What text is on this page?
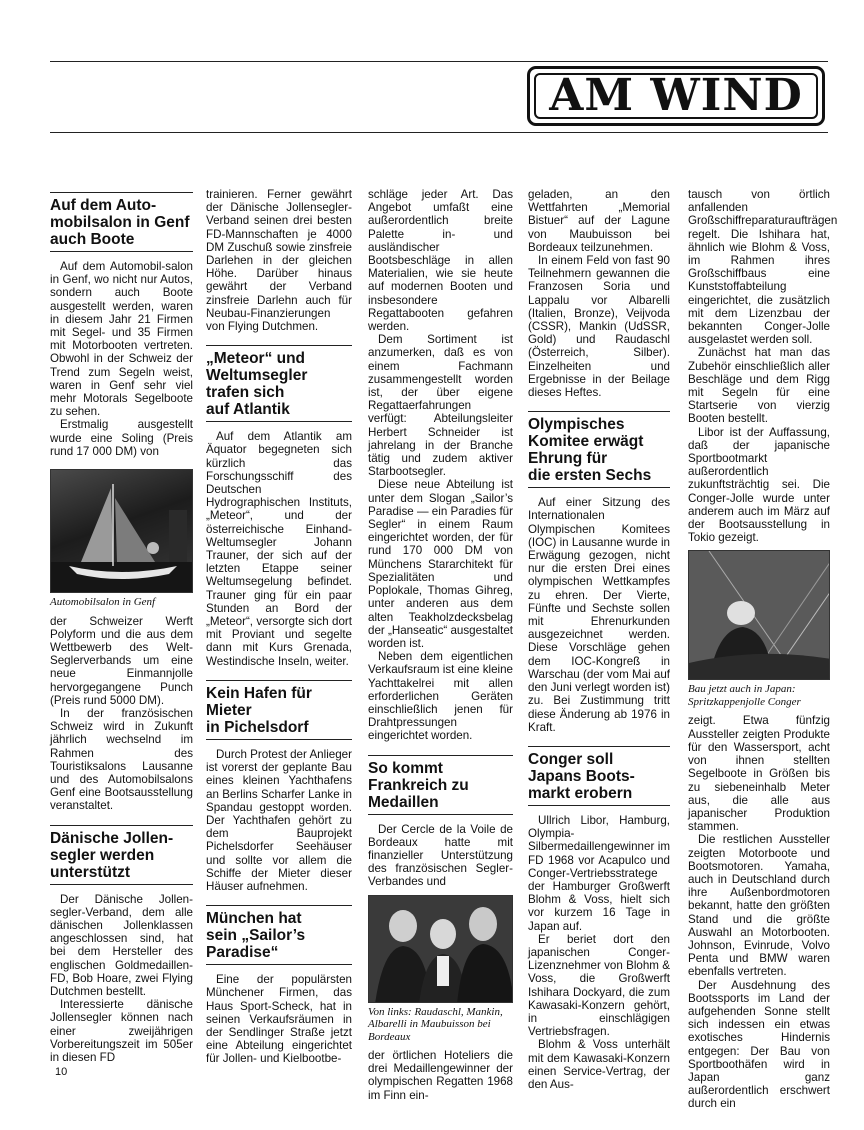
AM WIND
Auf dem Auto-
mobilsalon in Genf
auch Boote

Auf dem Automobil-salon in Genf, wo nicht nur Autos, sondern auch Boote ausgestellt werden, waren in diesem Jahr 21 Firmen mit Segel- und 35 Firmen mit Motorbooten vertreten. Obwohl in der Schweiz der Trend zum Segeln weist, waren in Genf sehr viel mehr Motorals Segelboote zu sehen.

Erstmalig ausgestellt wurde eine Soling (Preis rund 17 000 DM) von

Automobilsalon in Genf

der Schweizer Werft Polyform und die aus dem Wettbewerb des Welt-Seglerverbands um eine neue Einmannjolle hervorgegangene Punch (Preis rund 5000 DM).

In der französischen Schweiz wird in Zukunft jährlich wechselnd im Rahmen des Touristiksalons Lausanne und des Automobilsalons Genf eine Bootsausstellung veranstaltet.

Dänische Jollen-
segler werden
unterstützt

Der Dänische Jollen-segler-Verband, dem alle dänischen Jollenklassen angeschlossen sind, hat bei dem Hersteller des englischen Goldmedaillen-FD, Bob Hoare, zwei Flying Dutchmen bestellt.

Interessierte dänische Jollensegler können nach einer zweijährigen Vorbereitungszeit im 505er in diesen FD

trainieren. Ferner gewährt der Dänische Jollensegler-Verband seinen drei besten FD-Mannschaften je 4000 DM Zuschuß sowie zinsfreie Darlehen in der gleichen Höhe. Darüber hinaus gewährt der Verband zinsfreie Darlehn auch für Neubau-Finanzierungen von Flying Dutchmen.

„Meteor“ und
Weltumsegler
trafen sich
auf Atlantik

Auf dem Atlantik am Äquator begegneten sich kürzlich das Forschungsschiff des Deutschen Hydrographischen Instituts, „Meteor“, und der österreichische Einhand-Weltumsegler Johann Trauner, der sich auf der letzten Etappe seiner Weltumsegelung befindet. Trauner ging für ein paar Stunden an Bord der „Meteor“, versorgte sich dort mit Proviant und segelte dann mit Kurs Grenada, Westindische Inseln, weiter.

Kein Hafen für
Mieter
in Pichelsdorf

Durch Protest der Anlieger ist vorerst der geplante Bau eines kleinen Yachthafens an Berlins Scharfer Lanke in Spandau gestoppt worden. Der Yachthafen gehört zu dem Bauprojekt Pichelsdorfer Seehäuser und sollte vor allem die Schiffe der Mieter dieser Häuser aufnehmen.

München hat
sein „Sailor’s
Paradise“

Eine der populärsten Münchener Firmen, das Haus Sport-Scheck, hat in seinen Verkaufsräumen in der Sendlinger Straße jetzt eine Abteilung eingerichtet für Jollen- und Kielbootbe-

schläge jeder Art. Das Angebot umfaßt eine außerordentlich breite Palette in- und ausländischer Bootsbeschläge in allen Materialien, wie sie heute auf modernen Booten und insbesondere Regattabooten gefahren werden.

Dem Sortiment ist anzumerken, daß es von einem Fachmann zusammengestellt worden ist, der über eigene Regattaerfahrungen verfügt: Abteilungsleiter Herbert Schneider ist jahrelang in der Branche tätig und zudem aktiver Starbootsegler.

Diese neue Abteilung ist unter dem Slogan „Sailor’s Paradise — ein Paradies für Segler“ in einem Raum eingerichtet worden, der für rund 170 000 DM von Münchens Stararchitekt für Spezialitäten und Poplokale, Thomas Gihreg, unter anderen aus dem alten Teakholzdecksbelag der „Hanseatic“ ausgestaltet worden ist.

Neben dem eigentlichen Verkaufsraum ist eine kleine Yachttakelrei mit allen erforderlichen Geräten einschließlich jenen für Drahtpressungen eingerichtet worden.

So kommt
Frankreich zu
Medaillen

Der Cercle de la Voile de Bordeaux hatte mit finanzieller Unterstützung des französischen Segler-Verbandes und

Von links: Raudaschl, Mankin, Albarelli in Maubuisson bei Bordeaux

der örtlichen Hoteliers die drei Medaillengewinner der olympischen Regatten 1968 im Finn ein-

geladen, an den Wettfahrten „Memorial Bistuer“ auf der Lagune von Maubuisson bei Bordeaux teilzunehmen.

In einem Feld von fast 90 Teilnehmern gewannen die Franzosen Soria und Lappalu vor Albarelli (Italien, Bronze), Veijvoda (CSSR), Mankin (UdSSR, Gold) und Raudaschl (Österreich, Silber). Einzelheiten und Ergebnisse in der Beilage dieses Heftes.

Olympisches
Komitee erwägt
Ehrung für
die ersten Sechs

Auf einer Sitzung des Internationalen Olympischen Komitees (IOC) in Lausanne wurde in Erwägung gezogen, nicht nur die ersten Drei eines olympischen Wettkampfes zu ehren. Der Vierte, Fünfte und Sechste sollen mit Ehrenurkunden ausgezeichnet werden. Diese Vorschläge gehen dem IOC-Kongreß in Warschau (der vom Mai auf den Juni verlegt worden ist) zu. Bei Zustimmung tritt diese Änderung ab 1976 in Kraft.

Conger soll
Japans Boots-
markt erobern

Ullrich Libor, Hamburg, Olympia-Silbermedaillengewinner im FD 1968 vor Acapulco und Conger-Vertriebsstratege der Hamburger Großwerft Blohm & Voss, hielt sich vor kurzem 16 Tage in Japan auf.

Er beriet dort den japanischen Conger-Lizenznehmer von Blohm & Voss, die Großwerft Ishihara Dockyard, die zum Kawasaki-Konzern gehört, in einschlägigen Vertriebsfragen.

Blohm & Voss unterhält mit dem Kawasaki-Konzern einen Service-Vertrag, der den Aus-

tausch von örtlich anfallenden Großschiffreparaturaufträgen regelt. Die Ishihara hat, ähnlich wie Blohm & Voss, im Rahmen ihres Großschiffbaus eine Kunststoffabteilung eingerichtet, die zusätzlich mit dem Lizenzbau der bekannten Conger-Jolle ausgelastet werden soll.

Zunächst hat man das Zubehör einschließlich aller Beschläge und dem Rigg mit Segeln für eine Startserie von vierzig Booten bestellt.

Libor ist der Auffassung, daß der japanische Sportbootmarkt außerordentlich zukunftsträchtig sei. Die Conger-Jolle wurde unter anderem auch im März auf der Bootsausstellung in Tokio gezeigt.

Bau jetzt auch in Japan: Spritzkappenjolle Conger

zeigt. Etwa fünfzig Aussteller zeigten Produkte für den Wassersport, acht von ihnen stellten Segelboote in Größen bis zu siebeneinhalb Meter aus, die alle aus japanischer Produktion stammen.

Die restlichen Aussteller zeigten Motorboote und Bootsmotoren. Yamaha, auch in Deutschland durch ihre Außenbordmotoren bekannt, hatte den größten Stand und die größte Auswahl an Motorbooten. Johnson, Evinrude, Volvo Penta und BMW waren ebenfalls vertreten.

Der Ausdehnung des Bootssports im Land der aufgehenden Sonne stellt sich indessen ein etwas exotisches Hindernis entgegen: Der Bau von Sportboothäfen wird in Japan ganz außerordentlich erschwert durch ein

10
